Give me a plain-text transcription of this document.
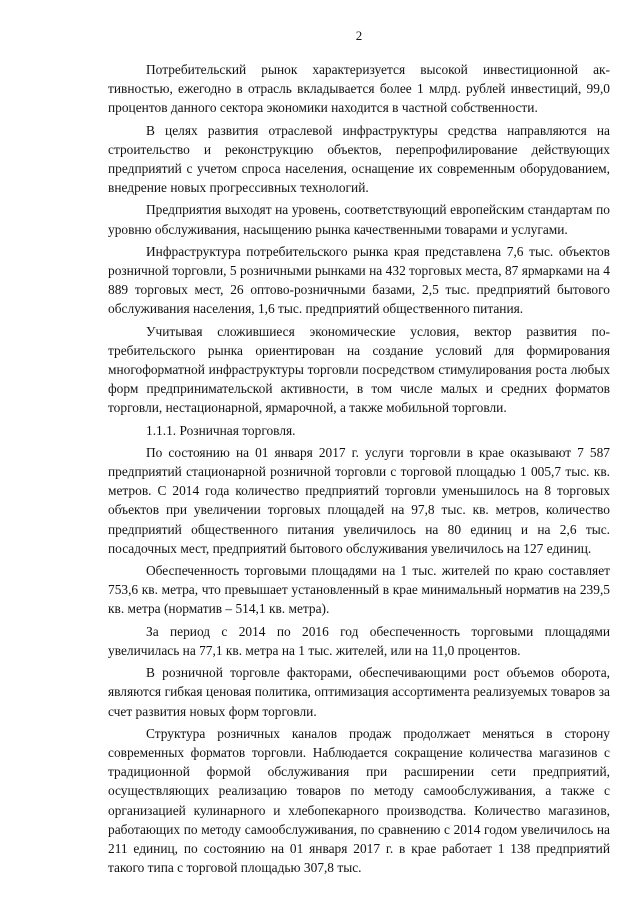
2

Потребительский рынок характеризуется высокой инвестиционной активностью, ежегодно в отрасль вкладывается более 1 млрд. рублей инвестиций, 99,0 процентов данного сектора экономики находится в частной собственности.

В целях развития отраслевой инфраструктуры средства направляются на строительство и реконструкцию объектов, перепрофилирование действующих предприятий с учетом спроса населения, оснащение их современным оборудованием, внедрение новых прогрессивных технологий.

Предприятия выходят на уровень, соответствующий европейским стандартам по уровню обслуживания, насыщению рынка качественными товарами и услугами.

Инфраструктура потребительского рынка края представлена 7,6 тыс. объектов розничной торговли, 5 розничными рынками на 432 торговых места, 87 ярмарками на 4 889 торговых мест, 26 оптово-розничными базами, 2,5 тыс. предприятий бытового обслуживания населения, 1,6 тыс. предприятий общественного питания.

Учитывая сложившиеся экономические условия, вектор развития потребительского рынка ориентирован на создание условий для формирования многоформатной инфраструктуры торговли посредством стимулирования роста любых форм предпринимательской активности, в том числе малых и средних форматов торговли, нестационарной, ярмарочной, а также мобильной торговли.

1.1.1. Розничная торговля.

По состоянию на 01 января 2017 г. услуги торговли в крае оказывают 7 587 предприятий стационарной розничной торговли с торговой площадью 1 005,7 тыс. кв. метров. С 2014 года количество предприятий торговли уменьшилось на 8 торговых объектов при увеличении торговых площадей на 97,8 тыс. кв. метров, количество предприятий общественного питания увеличилось на 80 единиц и на 2,6 тыс. посадочных мест, предприятий бытового обслуживания увеличилось на 127 единиц.

Обеспеченность торговыми площадями на 1 тыс. жителей по краю составляет 753,6 кв. метра, что превышает установленный в крае минимальный норматив на 239,5 кв. метра (норматив – 514,1 кв. метра).

За период с 2014 по 2016 год обеспеченность торговыми площадями увеличилась на 77,1 кв. метра на 1 тыс. жителей, или на 11,0 процентов.

В розничной торговле факторами, обеспечивающими рост объемов оборота, являются гибкая ценовая политика, оптимизация ассортимента реализуемых товаров за счет развития новых форм торговли.

Структура розничных каналов продаж продолжает меняться в сторону современных форматов торговли. Наблюдается сокращение количества магазинов с традиционной формой обслуживания при расширении сети предприятий, осуществляющих реализацию товаров по методу самообслуживания, а также с организацией кулинарного и хлебопекарного производства. Количество магазинов, работающих по методу самообслуживания, по сравнению с 2014 годом увеличилось на 211 единиц, по состоянию на 01 января 2017 г. в крае работает 1 138 предприятий такого типа с торговой площадью 307,8 тыс.
